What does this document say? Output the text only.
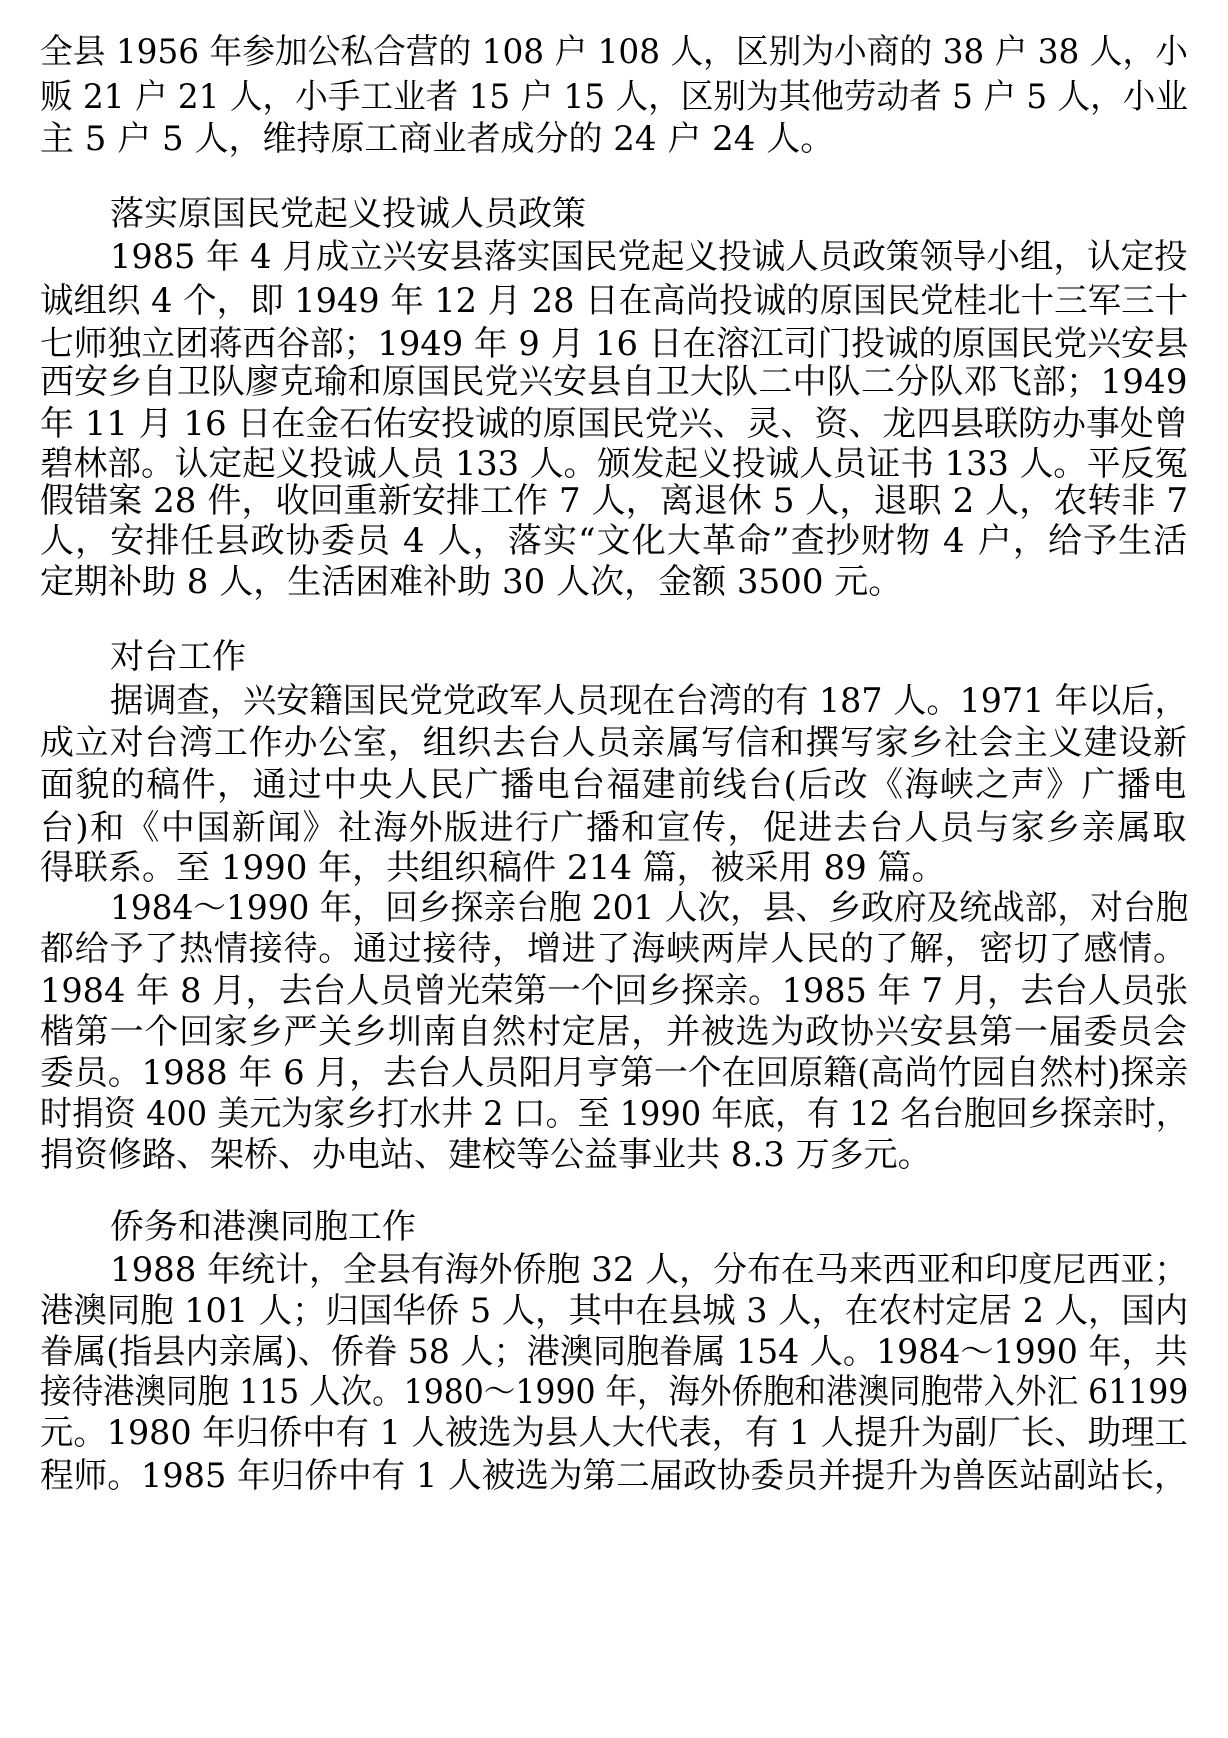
全县 1956 年参加公私合营的 108 户 108 人，区别为小商的 38 户 38 人，小
贩 21 户 21 人，小手工业者 15 户 15 人，区别为其他劳动者 5 户 5 人，小业
主 5 户 5 人，维持原工商业者成分的 24 户 24 人。
落实原国民党起义投诚人员政策
1985 年 4 月成立兴安县落实国民党起义投诚人员政策领导小组，认定投
诚组织 4 个，即 1949 年 12 月 28 日在高尚投诚的原国民党桂北十三军三十
七师独立团蒋西谷部；1949 年 9 月 16 日在溶江司门投诚的原国民党兴安县
西安乡自卫队廖克瑜和原国民党兴安县自卫大队二中队二分队邓飞部；1949
年 11 月 16 日在金石佑安投诚的原国民党兴、灵、资、龙四县联防办事处曾
碧林部。认定起义投诚人员 133 人。颁发起义投诚人员证书 133 人。平反冤
假错案 28 件，收回重新安排工作 7 人，离退休 5 人，退职 2 人，农转非 7
人，安排任县政协委员 4 人，落实“文化大革命”查抄财物 4 户，给予生活
定期补助 8 人，生活困难补助 30 人次，金额 3500 元。
对台工作
据调查，兴安籍国民党党政军人员现在台湾的有 187 人。1971 年以后，
成立对台湾工作办公室，组织去台人员亲属写信和撰写家乡社会主义建设新
面貌的稿件，通过中央人民广播电台福建前线台(后改《海峡之声》广播电
台)和《中国新闻》社海外版进行广播和宣传，促进去台人员与家乡亲属取
得联系。至 1990 年，共组织稿件 214 篇，被采用 89 篇。
1984～1990 年，回乡探亲台胞 201 人次，县、乡政府及统战部，对台胞
都给予了热情接待。通过接待，增进了海峡两岸人民的了解，密切了感情。
1984 年 8 月，去台人员曾光荣第一个回乡探亲。1985 年 7 月，去台人员张
楷第一个回家乡严关乡圳南自然村定居，并被选为政协兴安县第一届委员会
委员。1988 年 6 月，去台人员阳月亨第一个在回原籍(高尚竹园自然村)探亲
时捐资 400 美元为家乡打水井 2 口。至 1990 年底，有 12 名台胞回乡探亲时，
捐资修路、架桥、办电站、建校等公益事业共 8.3 万多元。
侨务和港澳同胞工作
1988 年统计，全县有海外侨胞 32 人，分布在马来西亚和印度尼西亚；
港澳同胞 101 人；归国华侨 5 人，其中在县城 3 人，在农村定居 2 人，国内
眷属(指县内亲属)、侨眷 58 人；港澳同胞眷属 154 人。1984～1990 年，共
接待港澳同胞 115 人次。1980～1990 年，海外侨胞和港澳同胞带入外汇 61199
元。1980 年归侨中有 1 人被选为县人大代表，有 1 人提升为副厂长、助理工
程师。1985 年归侨中有 1 人被选为第二届政协委员并提升为兽医站副站长，
